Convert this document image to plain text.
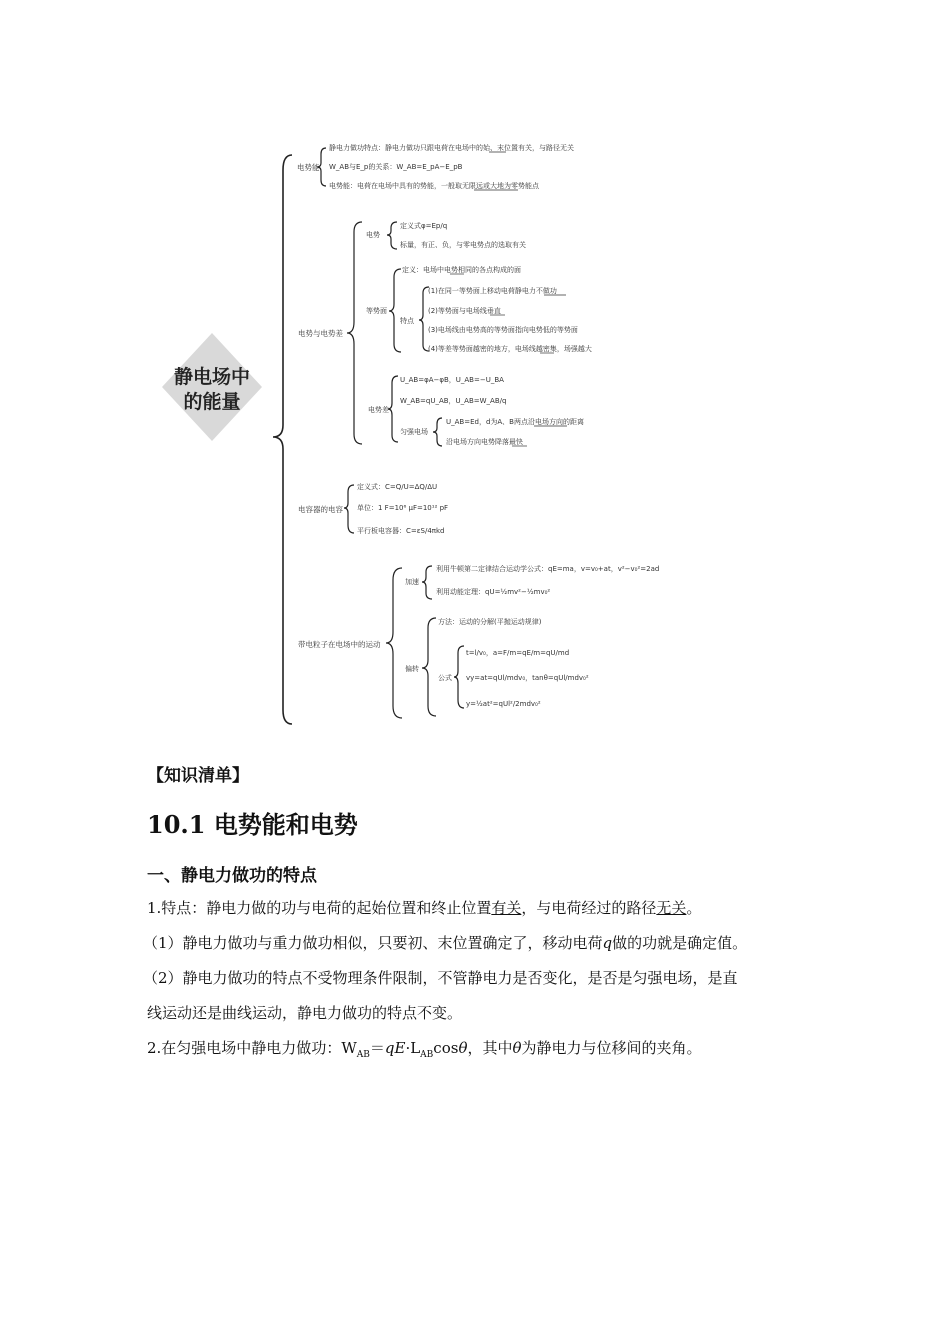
静电场中
的能量
电势能
静电力做功特点：静电力做功只跟电荷在电场中的始、末位置有关，与路径无关
W_AB与E_p的关系：W_AB=E_pA−E_pB
电势能：电荷在电场中具有的势能，一般取无限远或大地为零势能点
电势与电势差
电势
定义式φ=Ep/q
标量，有正、负，与零电势点的选取有关
等势面
定义：电场中电势相同的各点构成的面
特点
(1)在同一等势面上移动电荷静电力不做功
(2)等势面与电场线垂直
(3)电场线由电势高的等势面指向电势低的等势面
(4)等差等势面越密的地方，电场线越密集，场强越大
电势差
U_AB=φA−φB，U_AB=−U_BA
W_AB=qU_AB，U_AB=W_AB/q
匀强电场
U_AB=Ed，d为A、B两点沿电场方向的距离
沿电场方向电势降落最快
电容器的电容
定义式：C=Q/U=ΔQ/ΔU
单位：1 F=10⁶ μF=10¹² pF
平行板电容器：C=εS/4πkd
带电粒子在电场中的运动
加速
利用牛顿第二定律结合运动学公式：qE=ma，v=v₀+at，v²−v₀²=2ad
利用动能定理：qU=½mv²−½mv₀²
偏转
方法：运动的分解(平抛运动规律)
公式
t=l/v₀，a=F/m=qE/m=qU/md
vy=at=qUl/mdv₀，tanθ=qUl/mdv₀²
y=½at²=qUl²/2mdv₀²
【知识清单】
10.1 电势能和电势
一、静电力做功的特点
1.特点：静电力做的功与电荷的起始位置和终止位置有关，与电荷经过的路径无关。
（1）静电力做功与重力做功相似，只要初、末位置确定了，移动电荷q做的功就是确定值。
（2）静电力做功的特点不受物理条件限制，不管静电力是否变化，是否是匀强电场，是直
线运动还是曲线运动，静电力做功的特点不变。
2.在匀强电场中静电力做功：$W_{AB}=qE\cdot L_{AB}\cos\theta$，其中θ为静电力与位移间的夹角。
